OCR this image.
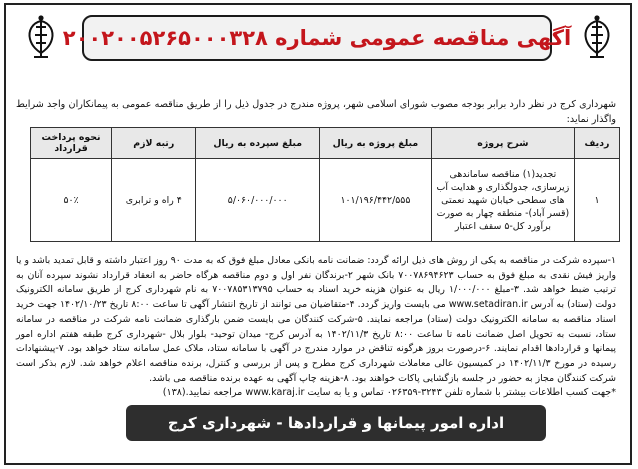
آگهی مناقصه عمومی شماره ۲۰۰۲۰۰۵۲۶۵۰۰۰۳۲۸
شهرداری کرج در نظر دارد برابر بودجه مصوب شورای اسلامی شهر، پروژه مندرج در جدول ذیل را از طریق مناقصه عمومی به پیمانکاران واجد شرایط واگذار نماید:
ردیف	شرح پروژه	مبلغ پروژه به ریال	مبلغ سپرده به ریال	رتبه لازم	نحوه پرداخت قرارداد
۱	تجدید(۱) مناقصه ساماندهی زیرسازی، جدولگذاری و هدایت آب های سطحی خیابان شهید نعمتی (قسر آباد)- منطقه چهار به صورت برآورد کل-۵ سقف اعتبار	۱۰۱/۱۹۶/۴۴۲/۵۵۵	۵/۰۶۰/۰۰۰/۰۰۰	۴ راه و ترابری	۵۰٪
۱-سپرده شرکت در مناقصه به یکی از روش های ذیل ارائه گردد: ضمانت نامه بانکی معادل مبلغ فوق که به مدت ۹۰ روز اعتبار داشته و قابل تمدید باشد و یا واریز فیش نقدی به مبلغ فوق به حساب ۷۰۰۷۸۶۹۴۶۲۳ بانک شهر ۲-برندگان نفر اول و دوم مناقصه هرگاه حاضر به انعقاد قرارداد نشوند سپرده آنان به ترتیب ضبط خواهد شد. ۳-مبلغ ۱/۰۰۰/۰۰۰ ریال به عنوان هزینه خرید اسناد به حساب ۷۰۰۷۸۵۳۱۳۷۹۵ به نام شهرداری کرج از طریق سامانه الکترونیک دولت (ستاد) به آدرس www.setadiran.ir می بایست واریز گردد. ۴-متقاضیان می توانند از تاریخ انتشار آگهی تا ساعت ۸:۰۰ تاریخ ۱۴۰۲/۱۰/۲۳ جهت خرید اسناد مناقصه به سامانه الکترونیک دولت (ستاد) مراجعه نمایند. ۵-شرکت کنندگان می بایست ضمن بارگذاری ضمانت نامه شرکت در مناقصه در سامانه ستاد، نسبت به تحویل اصل ضمانت نامه تا ساعت ۸:۰۰ تاریخ ۱۴۰۲/۱۱/۳ به آدرس کرج- میدان توحید- بلوار بلال -شهرداری کرج طبقه هفتم اداره امور پیمانها و قراردادها اقدام نمایند. ۶-درصورت بروز هرگونه تناقض در موارد مندرج در آگهی با سامانه ستاد، ملاک عمل سامانه ستاد خواهد بود. ۷-پیشنهادات رسیده در مورخ ۱۴۰۲/۱۱/۳ در کمیسیون عالی معاملات شهرداری کرج مطرح و پس از بررسی و کنترل، برنده مناقصه اعلام خواهد شد. لازم بذکر است شرکت کنندگان مجاز به حضور در جلسه بازگشایی پاکات خواهند بود. ۸-هزینه چاپ آگهی به عهده برنده مناقصه می باشد.
*جهت کسب اطلاعات بیشتر با شماره تلفن ۳۲۴۳-۰۲۶۳۵۹ تماس و یا به سایت www.karaj.ir مراجعه نمایید.(۱۳۸)
اداره امور پیمانها و قراردادها - شهرداری کرج
